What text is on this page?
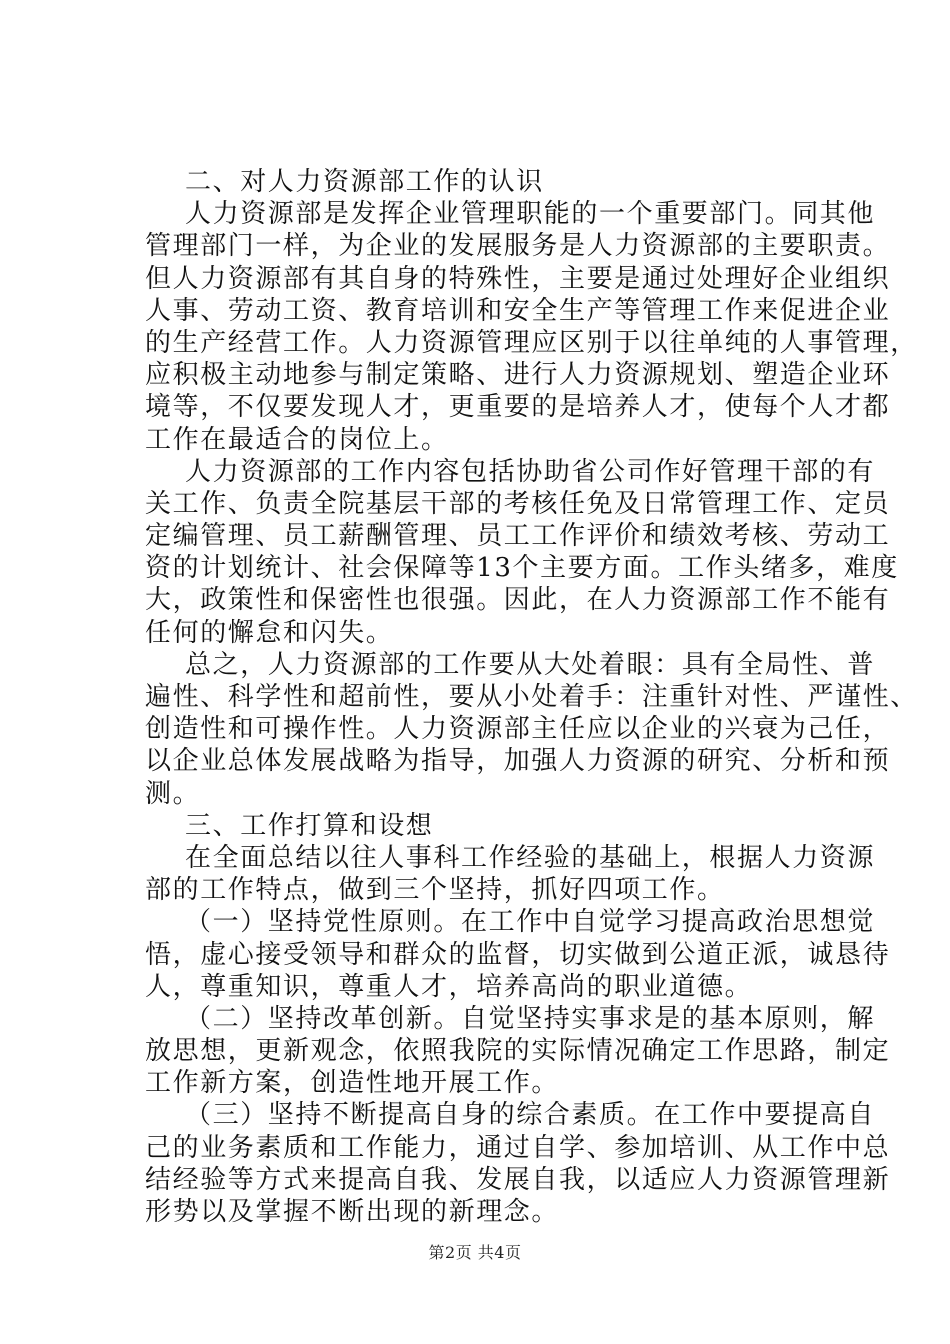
二、对人力资源部工作的认识
人力资源部是发挥企业管理职能的一个重要部门。同其他
管理部门一样，为企业的发展服务是人力资源部的主要职责。
但人力资源部有其自身的特殊性，主要是通过处理好企业组织
人事、劳动工资、教育培训和安全生产等管理工作来促进企业
的生产经营工作。人力资源管理应区别于以往单纯的人事管理，
应积极主动地参与制定策略、进行人力资源规划、塑造企业环
境等，不仅要发现人才，更重要的是培养人才，使每个人才都
工作在最适合的岗位上。
人力资源部的工作内容包括协助省公司作好管理干部的有
关工作、负责全院基层干部的考核任免及日常管理工作、定员
定编管理、员工薪酬管理、员工工作评价和绩效考核、劳动工
资的计划统计、社会保障等13个主要方面。工作头绪多，难度
大，政策性和保密性也很强。因此，在人力资源部工作不能有
任何的懈怠和闪失。
总之，人力资源部的工作要从大处着眼：具有全局性、普
遍性、科学性和超前性，要从小处着手：注重针对性、严谨性、
创造性和可操作性。人力资源部主任应以企业的兴衰为己任，
以企业总体发展战略为指导，加强人力资源的研究、分析和预
测。
三、工作打算和设想
在全面总结以往人事科工作经验的基础上，根据人力资源
部的工作特点，做到三个坚持，抓好四项工作。
（一）坚持党性原则。在工作中自觉学习提高政治思想觉
悟，虚心接受领导和群众的监督，切实做到公道正派，诚恳待
人，尊重知识，尊重人才，培养高尚的职业道德。
（二）坚持改革创新。自觉坚持实事求是的基本原则，解
放思想，更新观念，依照我院的实际情况确定工作思路，制定
工作新方案，创造性地开展工作。
（三）坚持不断提高自身的综合素质。在工作中要提高自
己的业务素质和工作能力，通过自学、参加培训、从工作中总
结经验等方式来提高自我、发展自我，以适应人力资源管理新
形势以及掌握不断出现的新理念。
第2页 共4页
